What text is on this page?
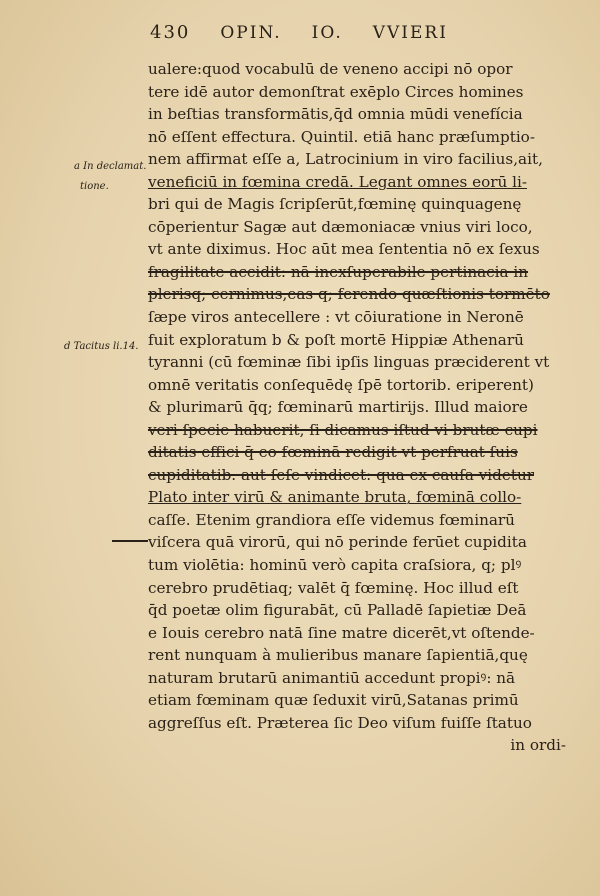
430 OPIN. IO. VVIERI
a In declamat.
tione.
d Tacitus li.14.
ualere:quod vocabulū de veneno accipi nō opor
tere idē autor demonſtrat exēplo Circes homines
in beſtias transformātis,q̄d omnia mūdi venefícia
nō eſſent effectura. Quintil. etiā hanc præſumptio-
nem affirmat eſſe a, Latrocinium in viro facilius,ait,
veneficiū in fœmina credā. Legant omnes eorū li-
bri qui de Magis ſcripſerūt,fœminę quinquagenę
cōperientur Sagæ aut dæmoniacæ vnius viri loco,
vt ante diximus. Hoc aūt mea ſententia nō ex ſexus
fragilitate accidit: nā inexſuperabile pertinacia in
plerisq; cernimus,eas q; ferendo quæſtionis tormēto
ſæpe viros antecellere : vt cōiuratione in Neronē
fuit exploratum b & poſt mortē Hippiæ Athenarū
tyranni (cū fœminæ ſibi ipſis linguas præciderent vt
omnē veritatis conſequēdę ſpē tortorib. eriperent)
& plurimarū q̄q; fœminarū martirijs. Illud maiore
veri ſpecie habuerit, ſi dicamus iſtud vi brutæ cupi
ditatis effici q̄ eo fœminā redigit vt perfruat ſuis
cupiditatib. aut ſeſe vindicet: qua ex cauſa videtur
Plato inter virū & animante bruta, fœminā collo-
caſſe. Etenim grandiora eſſe videmus fœminarū
viſcera quā virorū, qui nō perinde ferūet cupidita
tum violētia: hominū verò capita craſsiora, q; plꝰ
cerebro prudētiaq; valēt q̄ fœminę. Hoc illud eſt
q̄d poetæ olim figurabāt, cū Palladē ſapietiæ Deā
e Iouis cerebro natā ſine matre dicerēt,vt oſtende-
rent nunquam à mulieribus manare ſapientiā,quę
naturam brutarū animantiū accedunt propiꝰ: nā
etiam fœminam quæ ſeduxit virū,Satanas primū
aggreſſus eſt. Præterea ſic Deo viſum fuiſſe ſtatuo
in ordi-
